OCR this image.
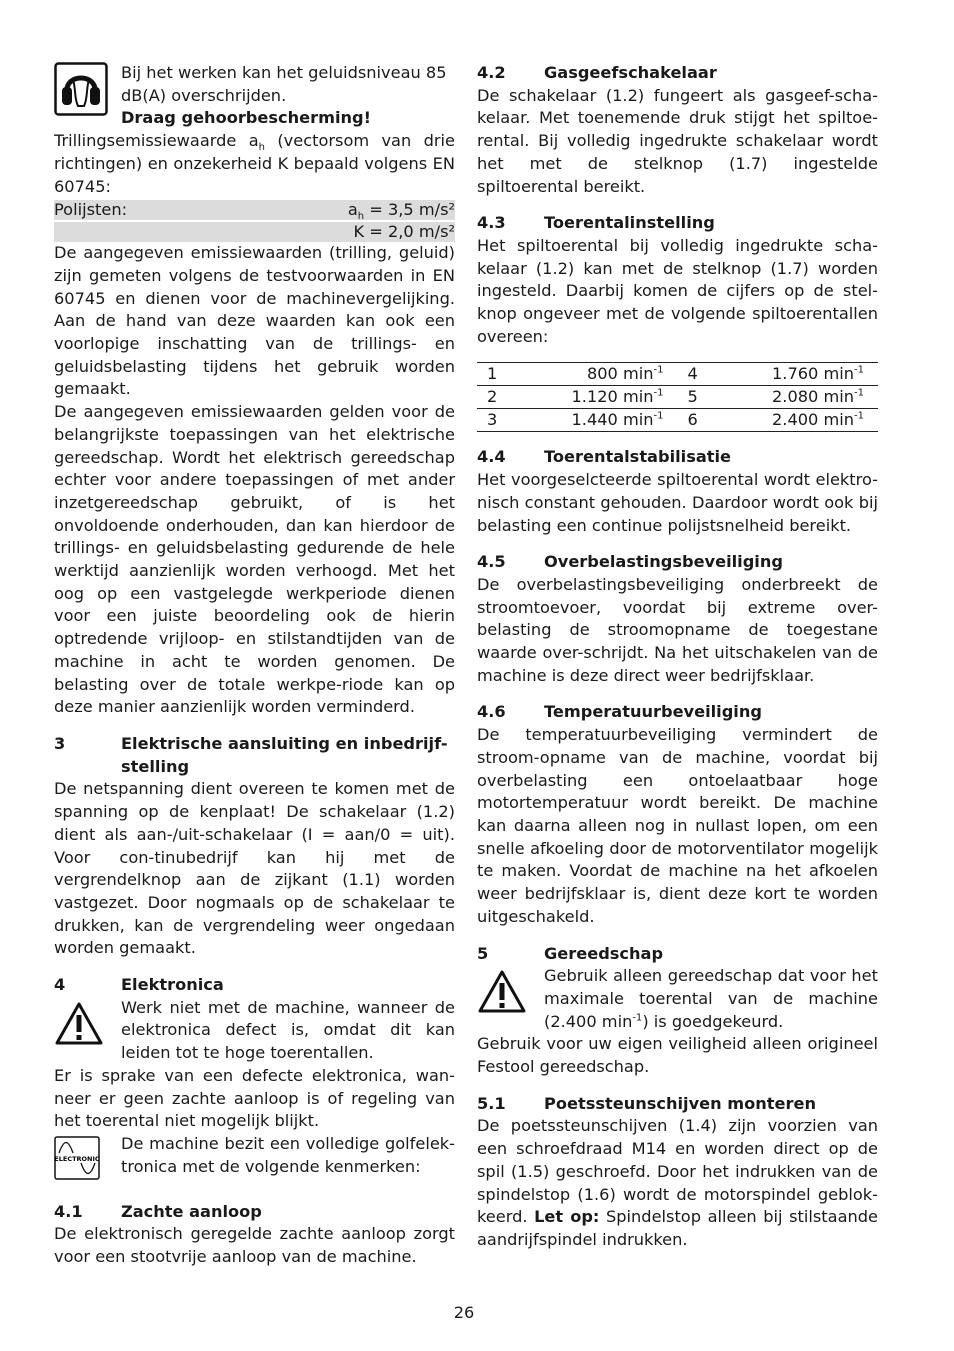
Bij het werken kan het geluidsniveau 85 dB(A) overschrijden.

Draag gehoorbescherming!

Trillingsemissiewaarde $a_h$ (vectorsom van drie richtingen) en onzekerheid K bepaald volgens EN 60745:

Polijsten:	$a_h = 3,5$ m/s²
K = 2,0 m/s²

De aangegeven emissiewaarden (trilling, geluid) zijn gemeten volgens de testvoorwaarden in EN 60745 en dienen voor de machinevergelijking. Aan de hand van deze waarden kan ook een voorlopige inschatting van de trillings- en geluidsbelasting tijdens het gebruik worden gemaakt.

De aangegeven emissiewaarden gelden voor de belangrijkste toepassingen van het elektrische gereedschap. Wordt het elektrisch gereedschap echter voor andere toepassingen of met ander inzetgereedschap gebruikt, of is het onvoldoende onderhouden, dan kan hierdoor de trillings- en geluidsbelasting gedurende de hele werktijd aanzienlijk worden verhoogd. Met het oog op een vastgelegde werkperiode dienen voor een juiste beoordeling ook de hierin optredende vrijloop- en stilstandtijden van de machine in acht te worden genomen. De belasting over de totale werkpe-riode kan op deze manier aanzienlijk worden verminderd.

3	Elektrische aansluiting en inbedrijf-stelling

De netspanning dient overeen te komen met de spanning op de kenplaat! De schakelaar (1.2) dient als aan-/uit-schakelaar (I = aan/0 = uit). Voor con-tinubedrijf kan hij met de vergrendelknop aan de zijkant (1.1) worden vastgezet. Door nogmaals op de schakelaar te drukken, kan de vergrendeling weer ongedaan worden gemaakt.

4	Elektronica

Werk niet met de machine, wanneer de elektronica defect is, omdat dit kan leiden tot te hoge toerentallen.

Er is sprake van een defecte elektronica, wan-neer er geen zachte aanloop is of regeling van het toerental niet mogelijk blijkt.

ELECTRONIC

De machine bezit een volledige golfelek-tronica met de volgende kenmerken:

4.1	Zachte aanloop

De elektronisch geregelde zachte aanloop zorgt voor een stootvrije aanloop van de machine.

4.2	Gasgeefschakelaar

De schakelaar (1.2) fungeert als gasgeef-scha-kelaar. Met toenemende druk stijgt het spiltoe-rental. Bij volledig ingedrukte schakelaar wordt het met de stelknop (1.7) ingestelde spiltoerental bereikt.

4.3	Toerentalinstelling

Het spiltoerental bij volledig ingedrukte scha-kelaar (1.2) kan met de stelknop (1.7) worden ingesteld. Daarbij komen de cijfers op de stel-knop ongeveer met de volgende spiltoerentallen overeen:

1	800 $\min^{-1}$	4	1.760 $\min^{-1}$
2	1.120 $\min^{-1}$	5	2.080 $\min^{-1}$
3	1.440 $\min^{-1}$	6	2.400 $\min^{-1}$
4.4	Toerentalstabilisatie

Het voorgeselcteerde spiltoerental wordt elektro-nisch constant gehouden. Daardoor wordt ook bij belasting een continue polijstsnelheid bereikt.

4.5	Overbelastingsbeveiliging

De overbelastingsbeveiliging onderbreekt de stroomtoevoer, voordat bij extreme over-belasting de stroomopname de toegestane waarde over-schrijdt. Na het uitschakelen van de machine is deze direct weer bedrijfsklaar.

4.6	Temperatuurbeveiliging

De temperatuurbeveiliging vermindert de stroom-opname van de machine, voordat bij overbelasting een ontoelaatbaar hoge motortemperatuur wordt bereikt. De machine kan daarna alleen nog in nullast lopen, om een snelle afkoeling door de motorventilator mogelijk te maken. Voordat de machine na het afkoelen weer bedrijfsklaar is, dient deze kort te worden uitgeschakeld.

5	Gereedschap

Gebruik alleen gereedschap dat voor het maximale toerental van de machine (2.400 $\min^{-1}$) is goedgekeurd.

Gebruik voor uw eigen veiligheid alleen origineel Festool gereedschap.

5.1	Poetssteunschijven monteren

De poetssteunschijven (1.4) zijn voorzien van een schroefdraad M14 en worden direct op de spil (1.5) geschroefd. Door het indrukken van de spindelstop (1.6) wordt de motorspindel geblok-keerd. Let op: Spindelstop alleen bij stilstaande aandrijfspindel indrukken.

26
